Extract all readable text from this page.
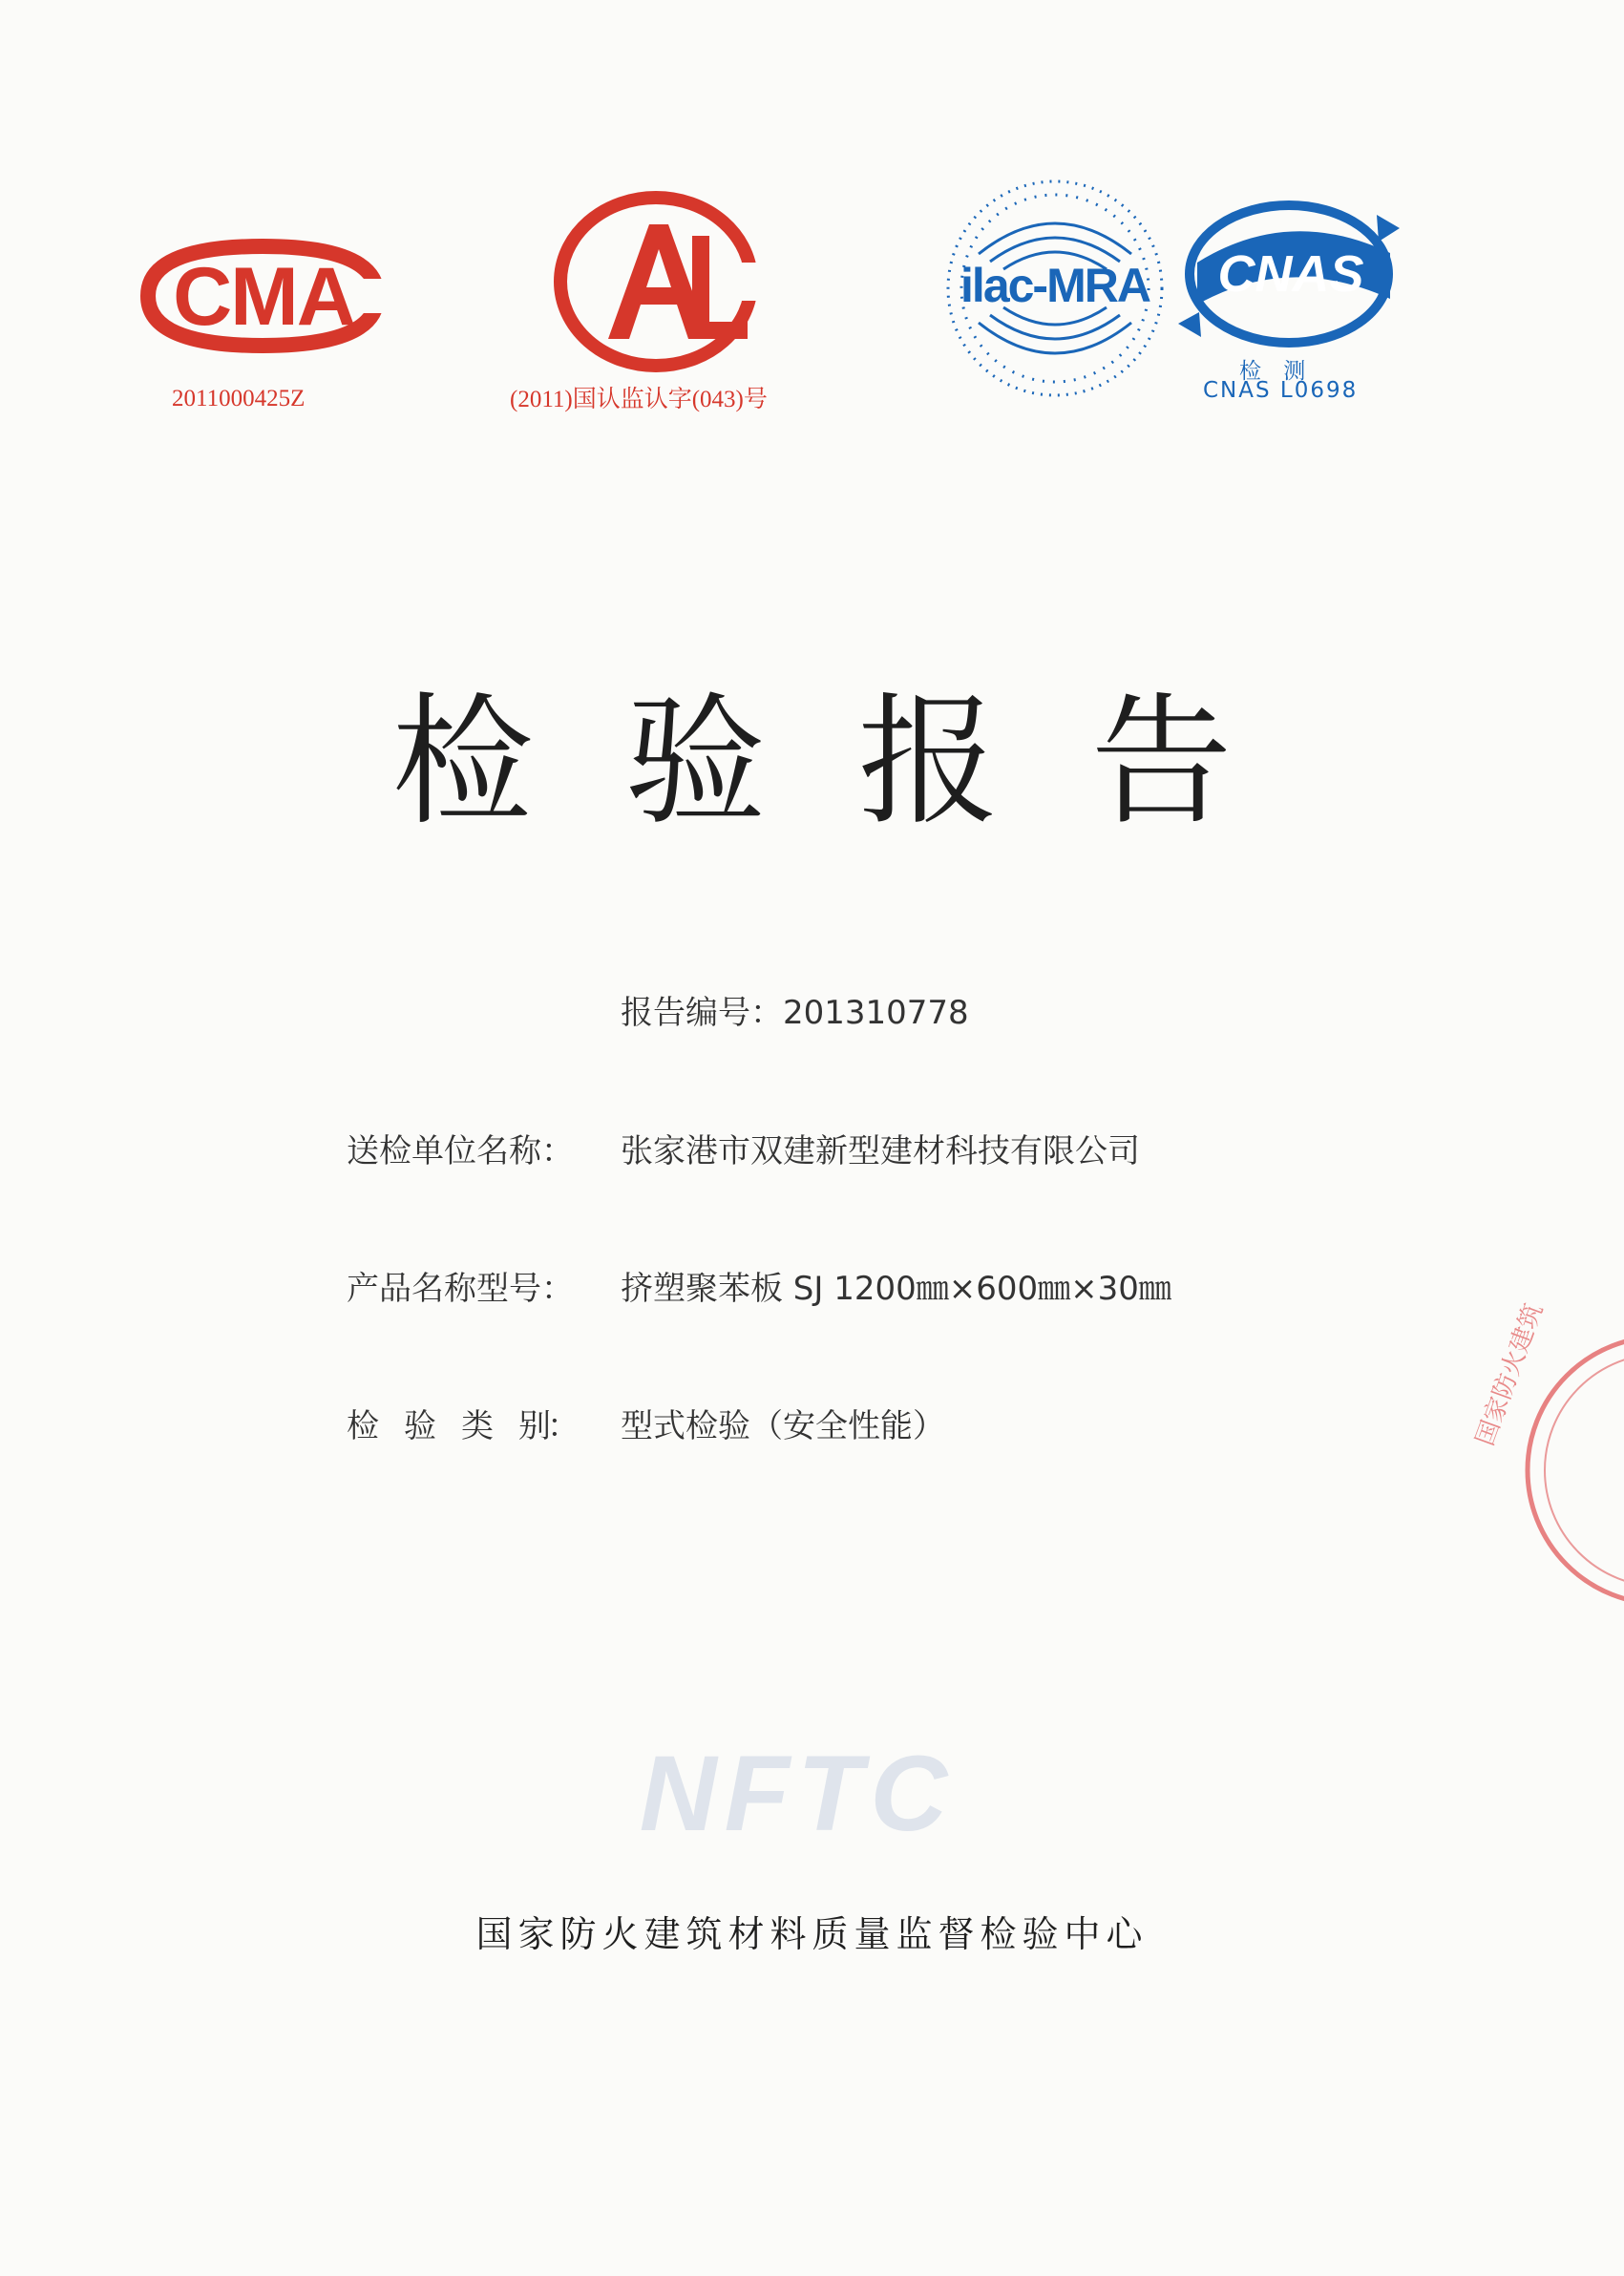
CMA
2011000425Z	(2011)国认监认字(043)号
ilac-MRA CNAS
检 测
CNAS L0698
检验报告
报告编号：201310778
送检单位名称： 张家港市双建新型建材科技有限公司
产品名称型号： 挤塑聚苯板 SJ 1200㎜×600㎜×30㎜
检　验　类　别： 型式检验（安全性能）	国家防火建筑
NFTC
国家防火建筑材料质量监督检验中心
